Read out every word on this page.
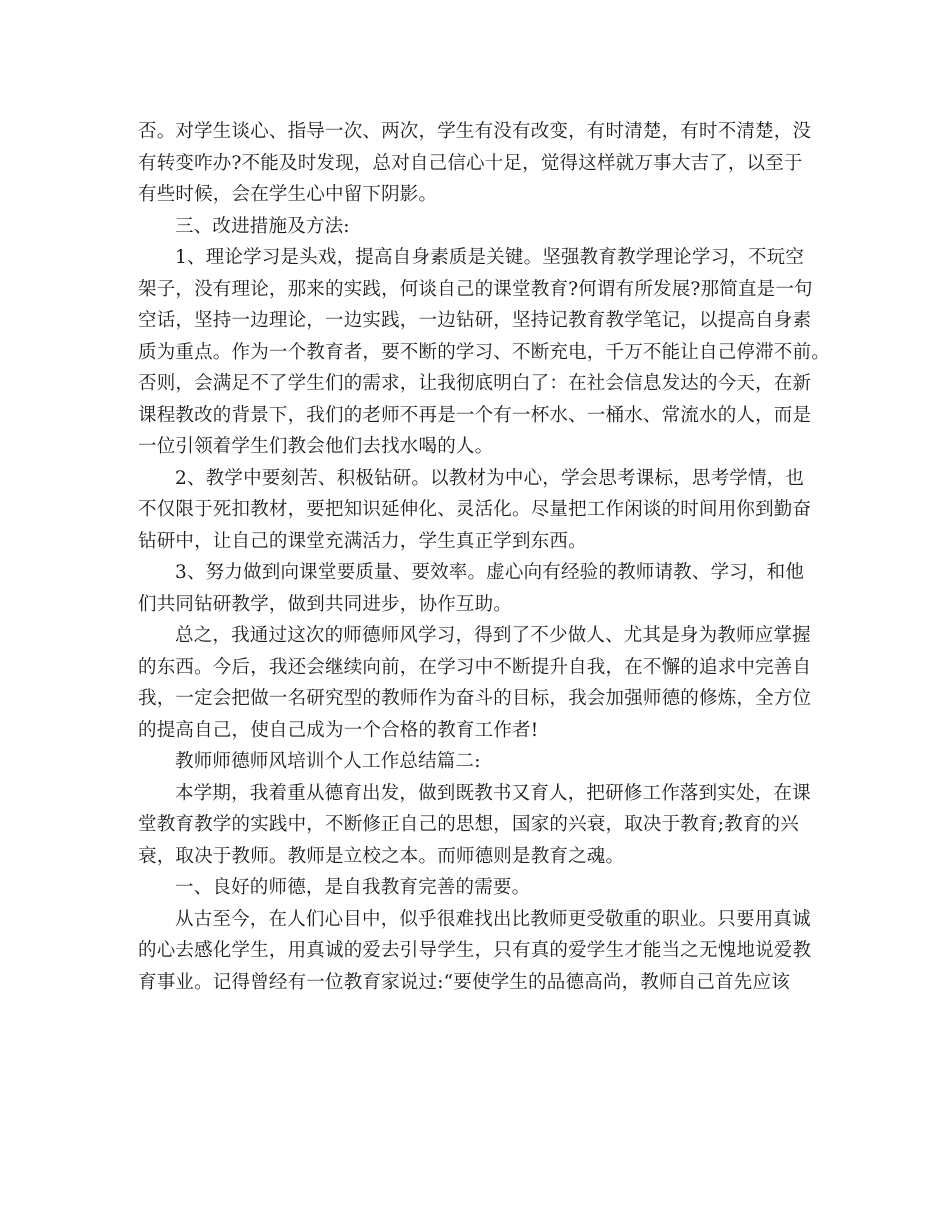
否。对学生谈心、指导一次、两次，学生有没有改变，有时清楚，有时不清楚，没
有转变咋办?不能及时发现，总对自己信心十足，觉得这样就万事大吉了，以至于
有些时候，会在学生心中留下阴影。
三、改进措施及方法:
1、理论学习是头戏，提高自身素质是关键。坚强教育教学理论学习，不玩空
架子，没有理论，那来的实践，何谈自己的课堂教育?何谓有所发展?那简直是一句
空话，坚持一边理论，一边实践，一边钻研，坚持记教育教学笔记，以提高自身素
质为重点。作为一个教育者，要不断的学习、不断充电，千万不能让自己停滞不前。
否则，会满足不了学生们的需求，让我彻底明白了：在社会信息发达的今天，在新
课程教改的背景下，我们的老师不再是一个有一杯水、一桶水、常流水的人，而是
一位引领着学生们教会他们去找水喝的人。
2、教学中要刻苦、积极钻研。以教材为中心，学会思考课标，思考学情，也
不仅限于死扣教材，要把知识延伸化、灵活化。尽量把工作闲谈的时间用你到勤奋
钻研中，让自己的课堂充满活力，学生真正学到东西。
3、努力做到向课堂要质量、要效率。虚心向有经验的教师请教、学习，和他
们共同钻研教学，做到共同进步，协作互助。
总之，我通过这次的师德师风学习，得到了不少做人、尤其是身为教师应掌握
的东西。今后，我还会继续向前，在学习中不断提升自我，在不懈的追求中完善自
我，一定会把做一名研究型的教师作为奋斗的目标，我会加强师德的修炼，全方位
的提高自己，使自己成为一个合格的教育工作者!
教师师德师风培训个人工作总结篇二:
本学期，我着重从德育出发，做到既教书又育人，把研修工作落到实处，在课
堂教育教学的实践中，不断修正自己的思想，国家的兴衰，取决于教育;教育的兴
衰，取决于教师。教师是立校之本。而师德则是教育之魂。
一、良好的师德，是自我教育完善的需要。
从古至今，在人们心目中，似乎很难找出比教师更受敬重的职业。只要用真诚
的心去感化学生，用真诚的爱去引导学生，只有真的爱学生才能当之无愧地说爱教
育事业。记得曾经有一位教育家说过:“要使学生的品德高尚，教师自己首先应该
